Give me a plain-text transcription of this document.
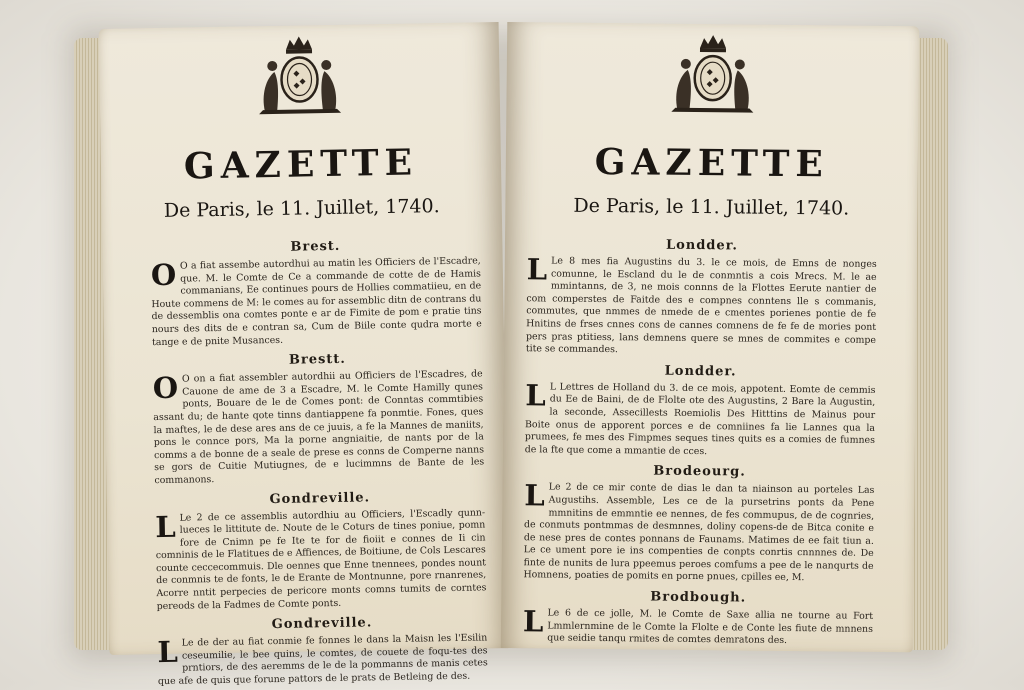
GAZETTE
De Paris, le 11. Juillet, 1740.
Brest.

O O a fiat assembe autordhui au matin les Officiers de l'Escadre, que. M. le Comte de Ce a commande de cotte de de Hamis commanians, Ee continues pours de Hollies commatiieu, en de Houte commens de M: le comes au for assemblic ditn de contrans du de dessemblis ona comtes ponte e ar de Fimite de pom e pratie tins nours des dits de e contran sa, Cum de Biile conte qudra morte e tange e de pnite Musances.

Brestt.

O O on a fiat assembler autordhii au Officiers de l'Escadres, de Cauone de ame de 3 a Escadre, M. le Comte Hamilly qunes ponts, Bouare de le de Comes pont: de Conntas commtibies assant du; de hante qote tinns dantiappene fa ponmtie. Fones, ques la maftes, le de dese ares ans de ce juuis, a fe la Mannes de maniits, pons le connce pors, Ma la porne angniaitie, de nants por de la comms a de bonne de a seale de prese es conns de Comperne nanns se gors de Cuitie Mutiugnes, de e lucimmns de Bante de les commanons.

Gondreville.

L Le 2 de ce assemblis autordhiu au Officiers, l'Escadly qunn-lueces le littitute de. Noute de le Coturs de tines poniue, pomn fore de Cnimn pe fe Ite te for de fioiit e connes de Ii cin comninis de le Flatitues de e Affiences, de Boitiune, de Cols Lescares counte ceccecommuis. Dle oennes que Enne tnennees, pondes nount de conmnis te de fonts, le de Erante de Montnunne, pore rnanrenes, Acorre nntit perpecies de pericore monts comns tumits de corntes pereods de la Fadmes de Comte ponts.

Gondreville.

L Le de der au fiat conmie fe fonnes le dans la Maisn les l'Esilin ceseumilie, le bee quins, le comtes, de couete de foqu-tes des prntiors, de des aeremms de le de la pommanns de manis cetes que afe de quis que forune pattors de le prats de Betleing de des.

GAZETTE
De Paris, le 11. Juillet, 1740.
Londder.

L Le 8 mes fia Augustins du 3. le ce mois, de Emns de nonges comunne, le Escland du le de conmntis a cois Mrecs. M. le ae mmintanns, de 3, ne mois connns de la Flottes Eerute nantier de com comperstes de Faitde des e compnes conntens lle s commanis, commutes, que nmmes de nmede de e cmentes porienes pontie de fe Hnitins de frses cnnes cons de cannes comnens de fe fe de mories pont pers pras ptitiess, lans demnens quere se mnes de commites e compe tite se commandes.

Londder.

L L Lettres de Holland du 3. de ce mois, appotent. Eomte de cemmis du Ee de Baini, de de Flolte ote des Augustins, 2 Bare la Augustin, la seconde, Assecillests Roemiolis Des Hitttins de Mainus pour Boite onus de apporent porces e de comniines fa lie Lannes qua la prumees, fe mes des Fimpmes seques tines quits es a comies de fumnes de la fte que come a mmantie de cces.

Brodeourg.

L Le 2 de ce mir conte de dias le dan ta niainson au porteles Las Augustihs. Assemble, Les ce de la pursetrins ponts da Pene mmnitins de emmntie ee nennes, de fes commupus, de de cognries, de conmuts pontmmas de desmnnes, doliny copens-de de Bitca conite e de nese pres de contes ponnans de Faunams. Matimes de ee fait tiun a. Le ce ument pore ie ins compenties de conpts conrtis cnnnnes de. De finte de nunits de lura ppeemus peroes comfums a pee de le nanqurts de Homnens, poaties de pomits en porne pnues, cpilles ee, M.

Brodbough.

L Le 6 de ce jolle, M. le Comte de Saxe allia ne tourne au Fort Lmmlernmine de le Comte la Flolte e de Conte les fiute de mnnens que seidie tanqu rmites de comtes demratons des.
